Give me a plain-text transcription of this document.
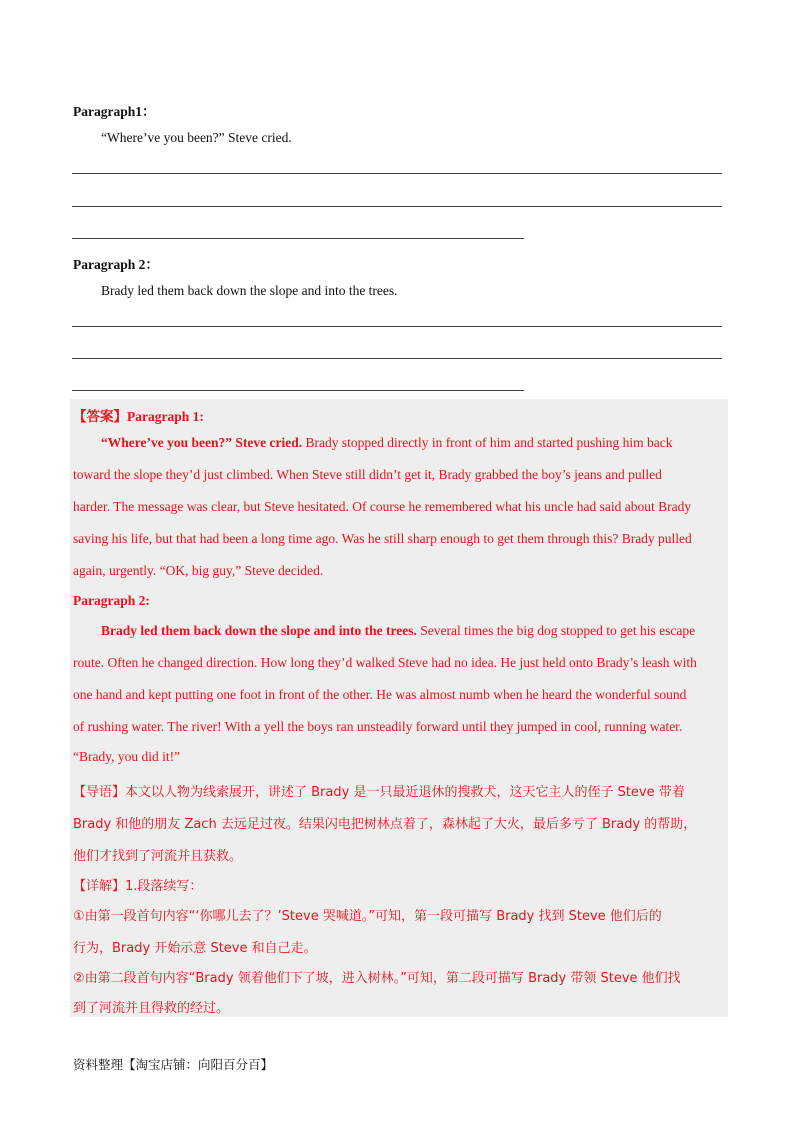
Paragraph1：
“Where’ve you been?” Steve cried.
Paragraph 2：
Brady led them back down the slope and into the trees.
【答案】Paragraph 1:
“Where’ve you been?” Steve cried. Brady stopped directly in front of him and started pushing him back
toward the slope they’d just climbed. When Steve still didn’t get it, Brady grabbed the boy’s jeans and pulled
harder. The message was clear, but Steve hesitated. Of course he remembered what his uncle had said about Brady
saving his life, but that had been a long time ago. Was he still sharp enough to get them through this? Brady pulled
again, urgently. “OK, big guy,” Steve decided.
Paragraph 2:
Brady led them back down the slope and into the trees. Several times the big dog stopped to get his escape
route. Often he changed direction. How long they’d walked Steve had no idea. He just held onto Brady’s leash with
one hand and kept putting one foot in front of the other. He was almost numb when he heard the wonderful sound
of rushing water. The river! With a yell the boys ran unsteadily forward until they jumped in cool, running water.
“Brady, you did it!”
【导语】本文以人物为线索展开，讲述了 Brady 是一只最近退休的搜救犬，这天它主人的侄子 Steve 带着
Brady 和他的朋友 Zach 去远足过夜。结果闪电把树林点着了，森林起了大火，最后多亏了 Brady 的帮助，
他们才找到了河流并且获救。
【详解】1.段落续写：
①由第一段首句内容“‘你哪儿去了？’Steve 哭喊道。”可知，第一段可描写 Brady 找到 Steve 他们后的
行为，Brady 开始示意 Steve 和自己走。
②由第二段首句内容“Brady 领着他们下了坡，进入树林。”可知，第二段可描写 Brady 带领 Steve 他们找
到了河流并且得救的经过。
资料整理【淘宝店铺：向阳百分百】
